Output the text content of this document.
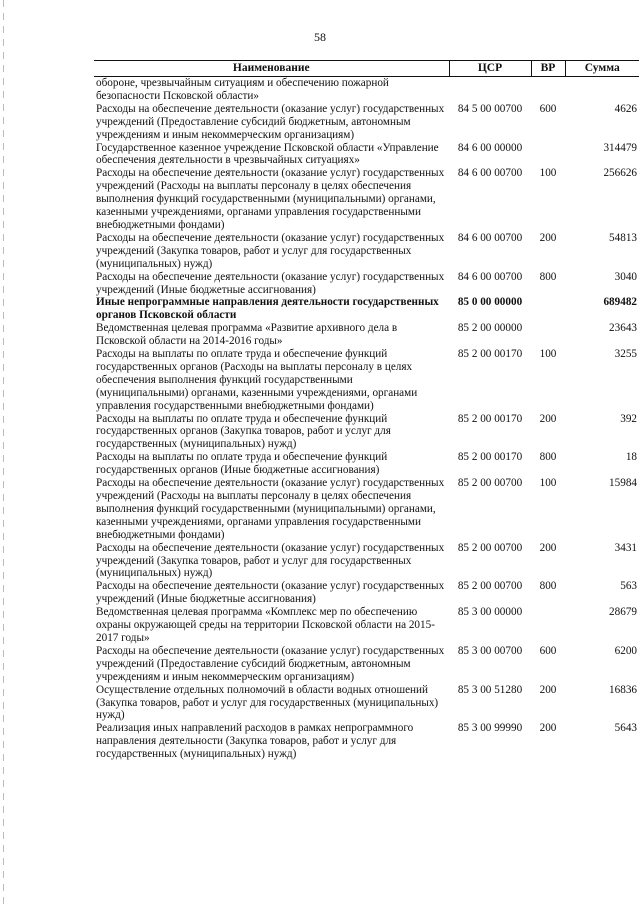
58
Наименование	ЦСР	ВР	Сумма
обороне, чрезвычайным ситуациям и обеспечению пожарной безопасности Псковской области»			
Расходы на обеспечение деятельности (оказание услуг) государственных учреждений (Предоставление субсидий бюджетным, автономным учреждениям и иным некоммерческим организациям)	84 5 00 00700	600	4626
Государственное казенное учреждение Псковской области «Управление обеспечения деятельности в чрезвычайных ситуациях»	84 6 00 00000		314479
Расходы на обеспечение деятельности (оказание услуг) государственных учреждений (Расходы на выплаты персоналу в целях обеспечения выполнения функций государственными (муниципальными) органами, казенными учреждениями, органами управления государственными внебюджетными фондами)	84 6 00 00700	100	256626
Расходы на обеспечение деятельности (оказание услуг) государственных учреждений (Закупка товаров, работ и услуг для государственных (муниципальных) нужд)	84 6 00 00700	200	54813
Расходы на обеспечение деятельности (оказание услуг) государственных учреждений (Иные бюджетные ассигнования)	84 6 00 00700	800	3040
Иные непрограммные направления деятельности государственных органов Псковской области	85 0 00 00000		689482
Ведомственная целевая программа «Развитие архивного дела в Псковской области на 2014-2016 годы»	85 2 00 00000		23643
Расходы на выплаты по оплате труда и обеспечение функций государственных органов (Расходы на выплаты персоналу в целях обеспечения выполнения функций государственными (муниципальными) органами, казенными учреждениями, органами управления государственными внебюджетными фондами)	85 2 00 00170	100	3255
Расходы на выплаты по оплате труда и обеспечение функций государственных органов (Закупка товаров, работ и услуг для государственных (муниципальных) нужд)	85 2 00 00170	200	392
Расходы на выплаты по оплате труда и обеспечение функций государственных органов (Иные бюджетные ассигнования)	85 2 00 00170	800	18
Расходы на обеспечение деятельности (оказание услуг) государственных учреждений (Расходы на выплаты персоналу в целях обеспечения выполнения функций государственными (муниципальными) органами, казенными учреждениями, органами управления государственными внебюджетными фондами)	85 2 00 00700	100	15984
Расходы на обеспечение деятельности (оказание услуг) государственных учреждений (Закупка товаров, работ и услуг для государственных (муниципальных) нужд)	85 2 00 00700	200	3431
Расходы на обеспечение деятельности (оказание услуг) государственных учреждений (Иные бюджетные ассигнования)	85 2 00 00700	800	563
Ведомственная целевая программа «Комплекс мер по обеспечению охраны окружающей среды на территории Псковской области на 2015-2017 годы»	85 3 00 00000		28679
Расходы на обеспечение деятельности (оказание услуг) государственных учреждений (Предоставление субсидий бюджетным, автономным учреждениям и иным некоммерческим организациям)	85 3 00 00700	600	6200
Осуществление отдельных полномочий в области водных отношений (Закупка товаров, работ и услуг для государственных (муниципальных) нужд)	85 3 00 51280	200	16836
Реализация иных направлений расходов в рамках непрограммного направления деятельности (Закупка товаров, работ и услуг для государственных (муниципальных) нужд)	85 3 00 99990	200	5643
